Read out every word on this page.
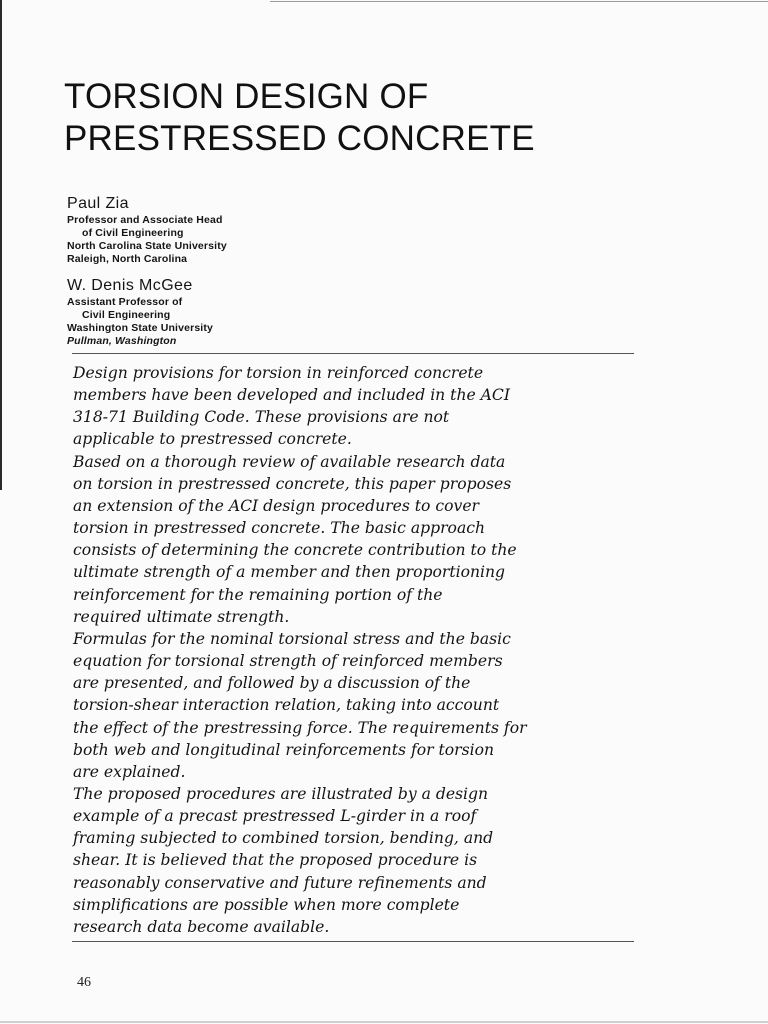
TORSION DESIGN OF
PRESTRESSED CONCRETE
Paul Zia
Professor and Associate Head
of Civil Engineering
North Carolina State University
Raleigh, North Carolina
W. Denis McGee
Assistant Professor of
Civil Engineering
Washington State University
Pullman, Washington
Design provisions for torsion in reinforced concrete
members have been developed and included in the ACI
318-71 Building Code. These provisions are not
applicable to prestressed concrete.
Based on a thorough review of available research data
on torsion in prestressed concrete, this paper proposes
an extension of the ACI design procedures to cover
torsion in prestressed concrete. The basic approach
consists of determining the concrete contribution to the
ultimate strength of a member and then proportioning
reinforcement for the remaining portion of the
required ultimate strength.
Formulas for the nominal torsional stress and the basic
equation for torsional strength of reinforced members
are presented, and followed by a discussion of the
torsion-shear interaction relation, taking into account
the effect of the prestressing force. The requirements for
both web and longitudinal reinforcements for torsion
are explained.
The proposed procedures are illustrated by a design
example of a precast prestressed L-girder in a roof
framing subjected to combined torsion, bending, and
shear. It is believed that the proposed procedure is
reasonably conservative and future refinements and
simplifications are possible when more complete
research data become available.
46
